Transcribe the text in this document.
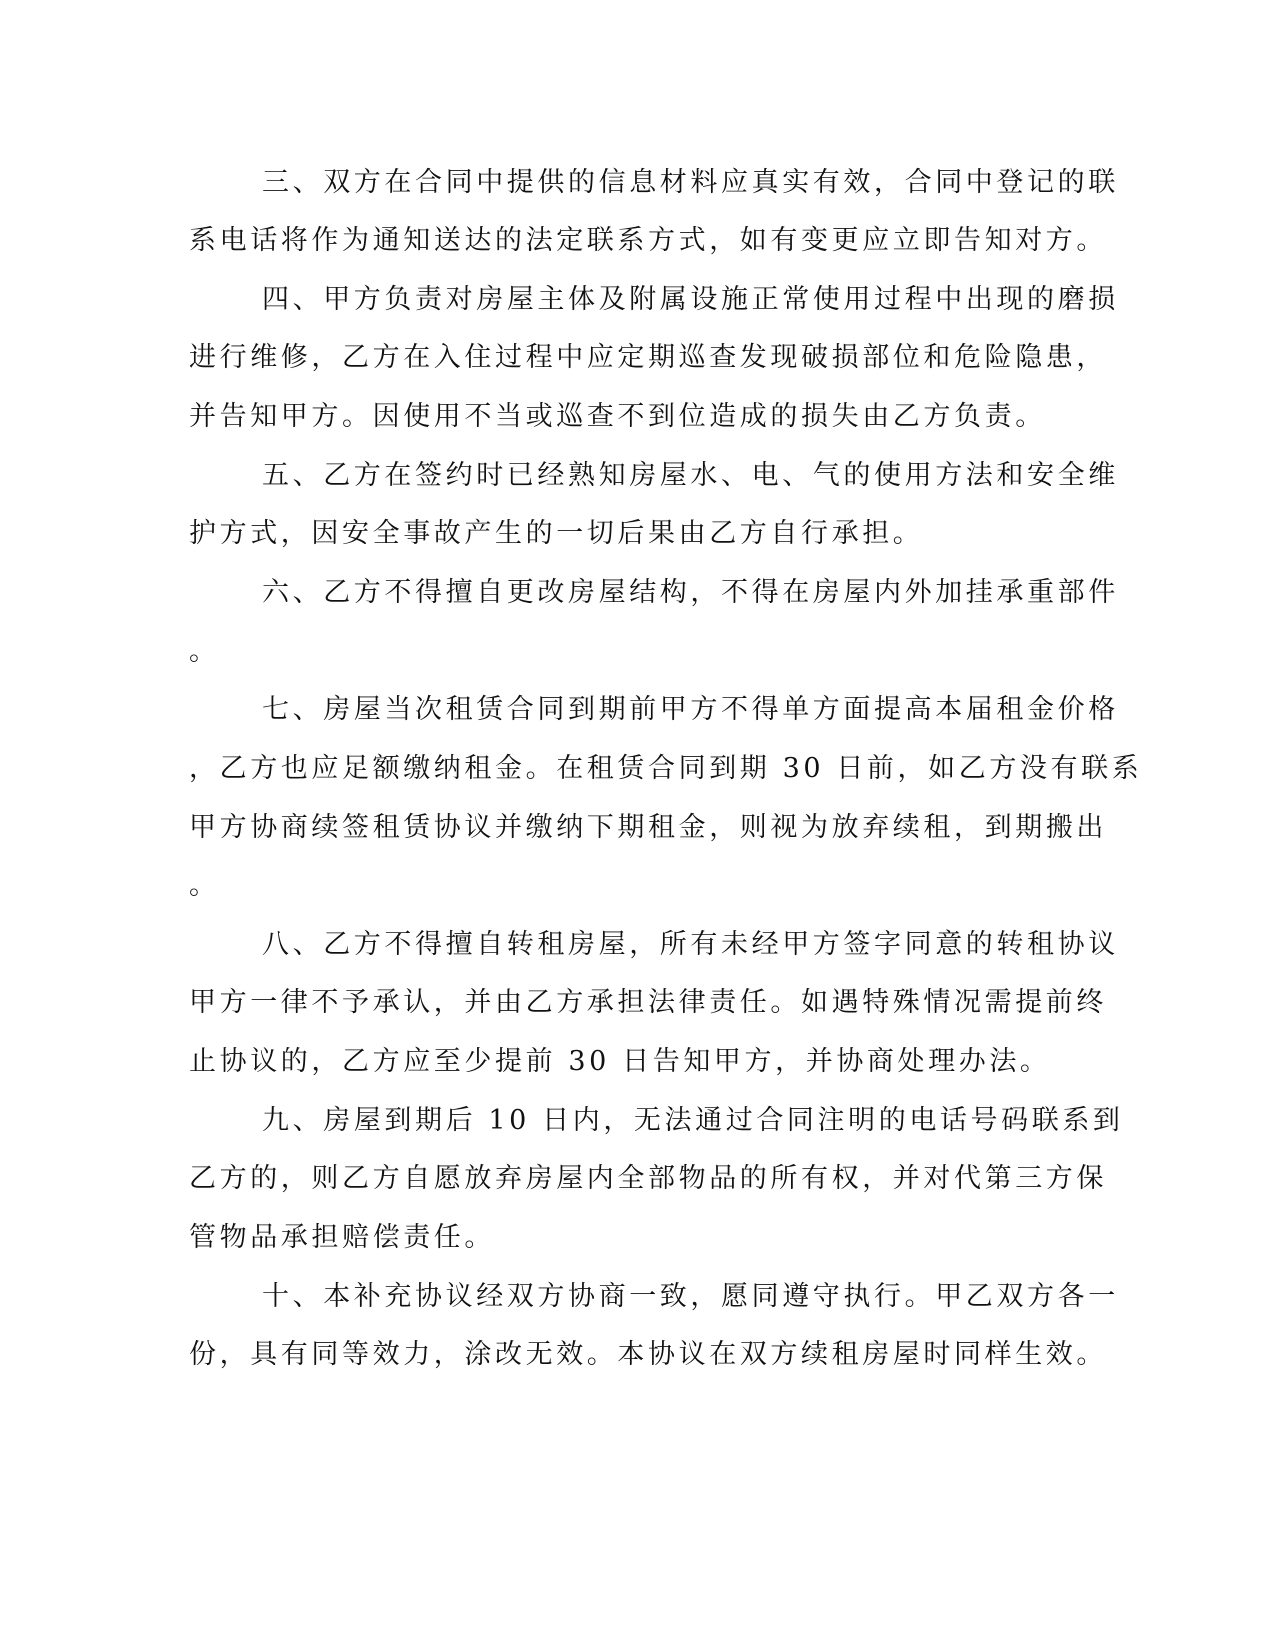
三、双方在合同中提供的信息材料应真实有效，合同中登记的联

系电话将作为通知送达的法定联系方式，如有变更应立即告知对方。

四、甲方负责对房屋主体及附属设施正常使用过程中出现的磨损

进行维修，乙方在入住过程中应定期巡查发现破损部位和危险隐患，

并告知甲方。因使用不当或巡查不到位造成的损失由乙方负责。

五、乙方在签约时已经熟知房屋水、电、气的使用方法和安全维

护方式，因安全事故产生的一切后果由乙方自行承担。

六、乙方不得擅自更改房屋结构，不得在房屋内外加挂承重部件

。

七、房屋当次租赁合同到期前甲方不得单方面提高本届租金价格

，乙方也应足额缴纳租金。在租赁合同到期 30 日前，如乙方没有联系

甲方协商续签租赁协议并缴纳下期租金，则视为放弃续租，到期搬出

。

八、乙方不得擅自转租房屋，所有未经甲方签字同意的转租协议

甲方一律不予承认，并由乙方承担法律责任。如遇特殊情况需提前终

止协议的，乙方应至少提前 30 日告知甲方，并协商处理办法。

九、房屋到期后 10 日内，无法通过合同注明的电话号码联系到

乙方的，则乙方自愿放弃房屋内全部物品的所有权，并对代第三方保

管物品承担赔偿责任。

十、本补充协议经双方协商一致，愿同遵守执行。甲乙双方各一

份，具有同等效力，涂改无效。本协议在双方续租房屋时同样生效。
